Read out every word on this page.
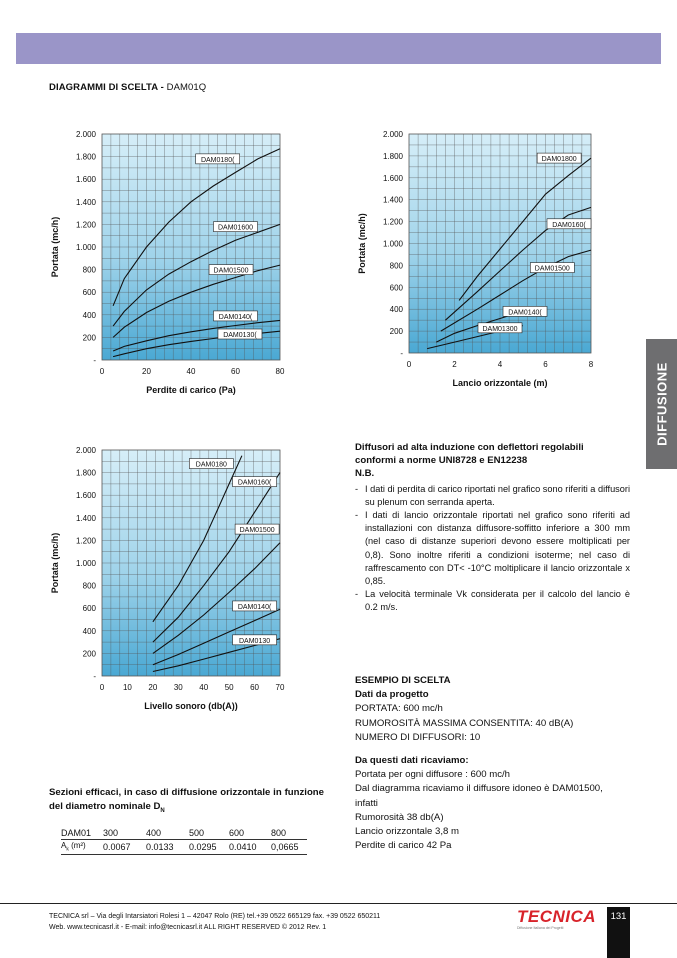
DIAGRAMMI DI SCELTA - DAM01Q
DIFFUSIONE
2.000
1.800
1.600
1.400
1.200
1.000
800
600
400
200
-
0	20	40	60	80
Perdite di carico (Pa)
Portata (mc/h)
DAM0180(
DAM01600
DAM01500
DAM0140(
DAM0130(
2.000
1.800
1.600
1.400
1.200
1.000
800
600
400
200
-
0	2	4	6	8
Lancio orizzontale (m)
Portata (mc/h)
DAM01800
DAM0160(
DAM01500
DAM0140(
DAM01300
2.000
1.800
1.600
1.400
1.200
1.000
800
600
400
200
-
0 10 20 30 40 50 60 70
Livello sonoro (db(A))
Portata (mc/h)
DAM0180
DAM0160(
DAM01500
DAM0140(
DAM0130
Diffusori ad alta induzione con deflettori regolabili
conformi a norme UNI8728 e EN12238
N.B.
- I dati di perdita di carico riportati nel grafico sono riferiti a diffusori su plenum con serranda aperta.
- I dati di lancio orizzontale riportati nel grafico sono riferiti ad installazioni con distanza diffusore-soffitto inferiore a 300 mm (nel caso di distanze superiori devono essere moltiplicati per 0,8). Sono inoltre riferiti a condizioni isoterme; nel caso di raffrescamento con DT< -10°C moltiplicare il lancio orizzontale x 0,85.
- La velocità terminale Vk considerata per il calcolo del lancio è 0.2 m/s.
ESEMPIO DI SCELTA
Dati da progetto
PORTATA: 600 mc/h
RUMOROSITÀ MASSIMA CONSENTITA: 40 dB(A)
NUMERO DI DIFFUSORI: 10
Da questi dati ricaviamo:
Portata per ogni diffusore : 600 mc/h
Dal diagramma ricaviamo il diffusore idoneo è DAM01500,
infatti
Rumorosità 38 db(A)
Lancio orizzontale 3,8 m
Perdite di carico 42 Pa
Sezioni efficaci, in caso di diffusione orizzontale in funzione del diametro nominale $D_N$
DAM01	300	400	500	600	800
$A_k$ (m²)	0.0067	0.0133	0.0295	0.0410	0,0665
TECNICA srl – Via degli Intarsiatori Rolesi 1 – 42047 Rolo (RE) tel.+39 0522 665129 fax. +39 0522 650211
Web. www.tecnicasrl.it - E-mail: info@tecnicasrl.it ALL RIGHT RESERVED © 2012 Rev. 1
TECNICA
Diffusione Italiana dei Progetti
131
